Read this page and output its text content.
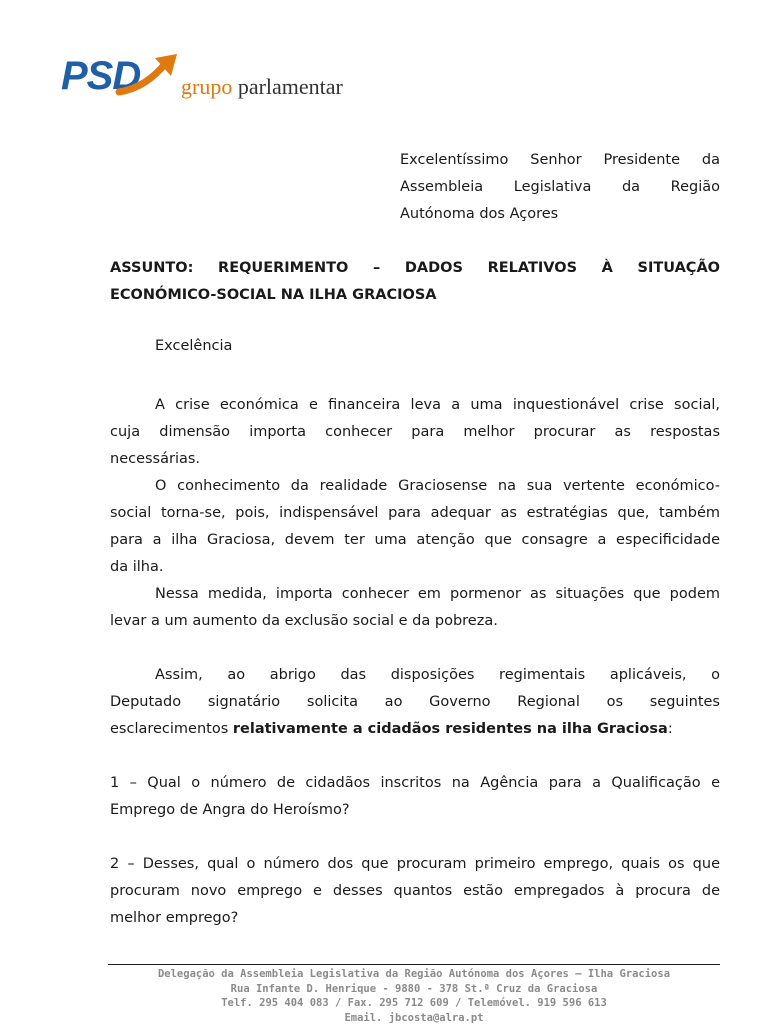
PSD grupo parlamentar
Excelentíssimo Senhor Presidente da
Assembleia Legislativa da Região
Autónoma dos Açores
ASSUNTO: REQUERIMENTO – DADOS RELATIVOS À SITUAÇÃO
ECONÓMICO-SOCIAL NA ILHA GRACIOSA
Excelência
A crise económica e financeira leva a uma inquestionável crise social,
cuja dimensão importa conhecer para melhor procurar as respostas
necessárias.
O conhecimento da realidade Graciosense na sua vertente económico-
social torna-se, pois, indispensável para adequar as estratégias que, também
para a ilha Graciosa, devem ter uma atenção que consagre a especificidade
da ilha.
Nessa medida, importa conhecer em pormenor as situações que podem
levar a um aumento da exclusão social e da pobreza.
Assim, ao abrigo das disposições regimentais aplicáveis, o
Deputado signatário solicita ao Governo Regional os seguintes
esclarecimentos relativamente a cidadãos residentes na ilha Graciosa:
1 – Qual o número de cidadãos inscritos na Agência para a Qualificação e
Emprego de Angra do Heroísmo?
2 – Desses, qual o número dos que procuram primeiro emprego, quais os que
procuram novo emprego e desses quantos estão empregados à procura de
melhor emprego?
Delegação da Assembleia Legislativa da Região Autónoma dos Açores – Ilha Graciosa
Rua Infante D. Henrique - 9880 - 378 St.ª Cruz da Graciosa
Telf. 295 404 083 / Fax. 295 712 609 / Telemóvel. 919 596 613
Email. jbcosta@alra.pt
